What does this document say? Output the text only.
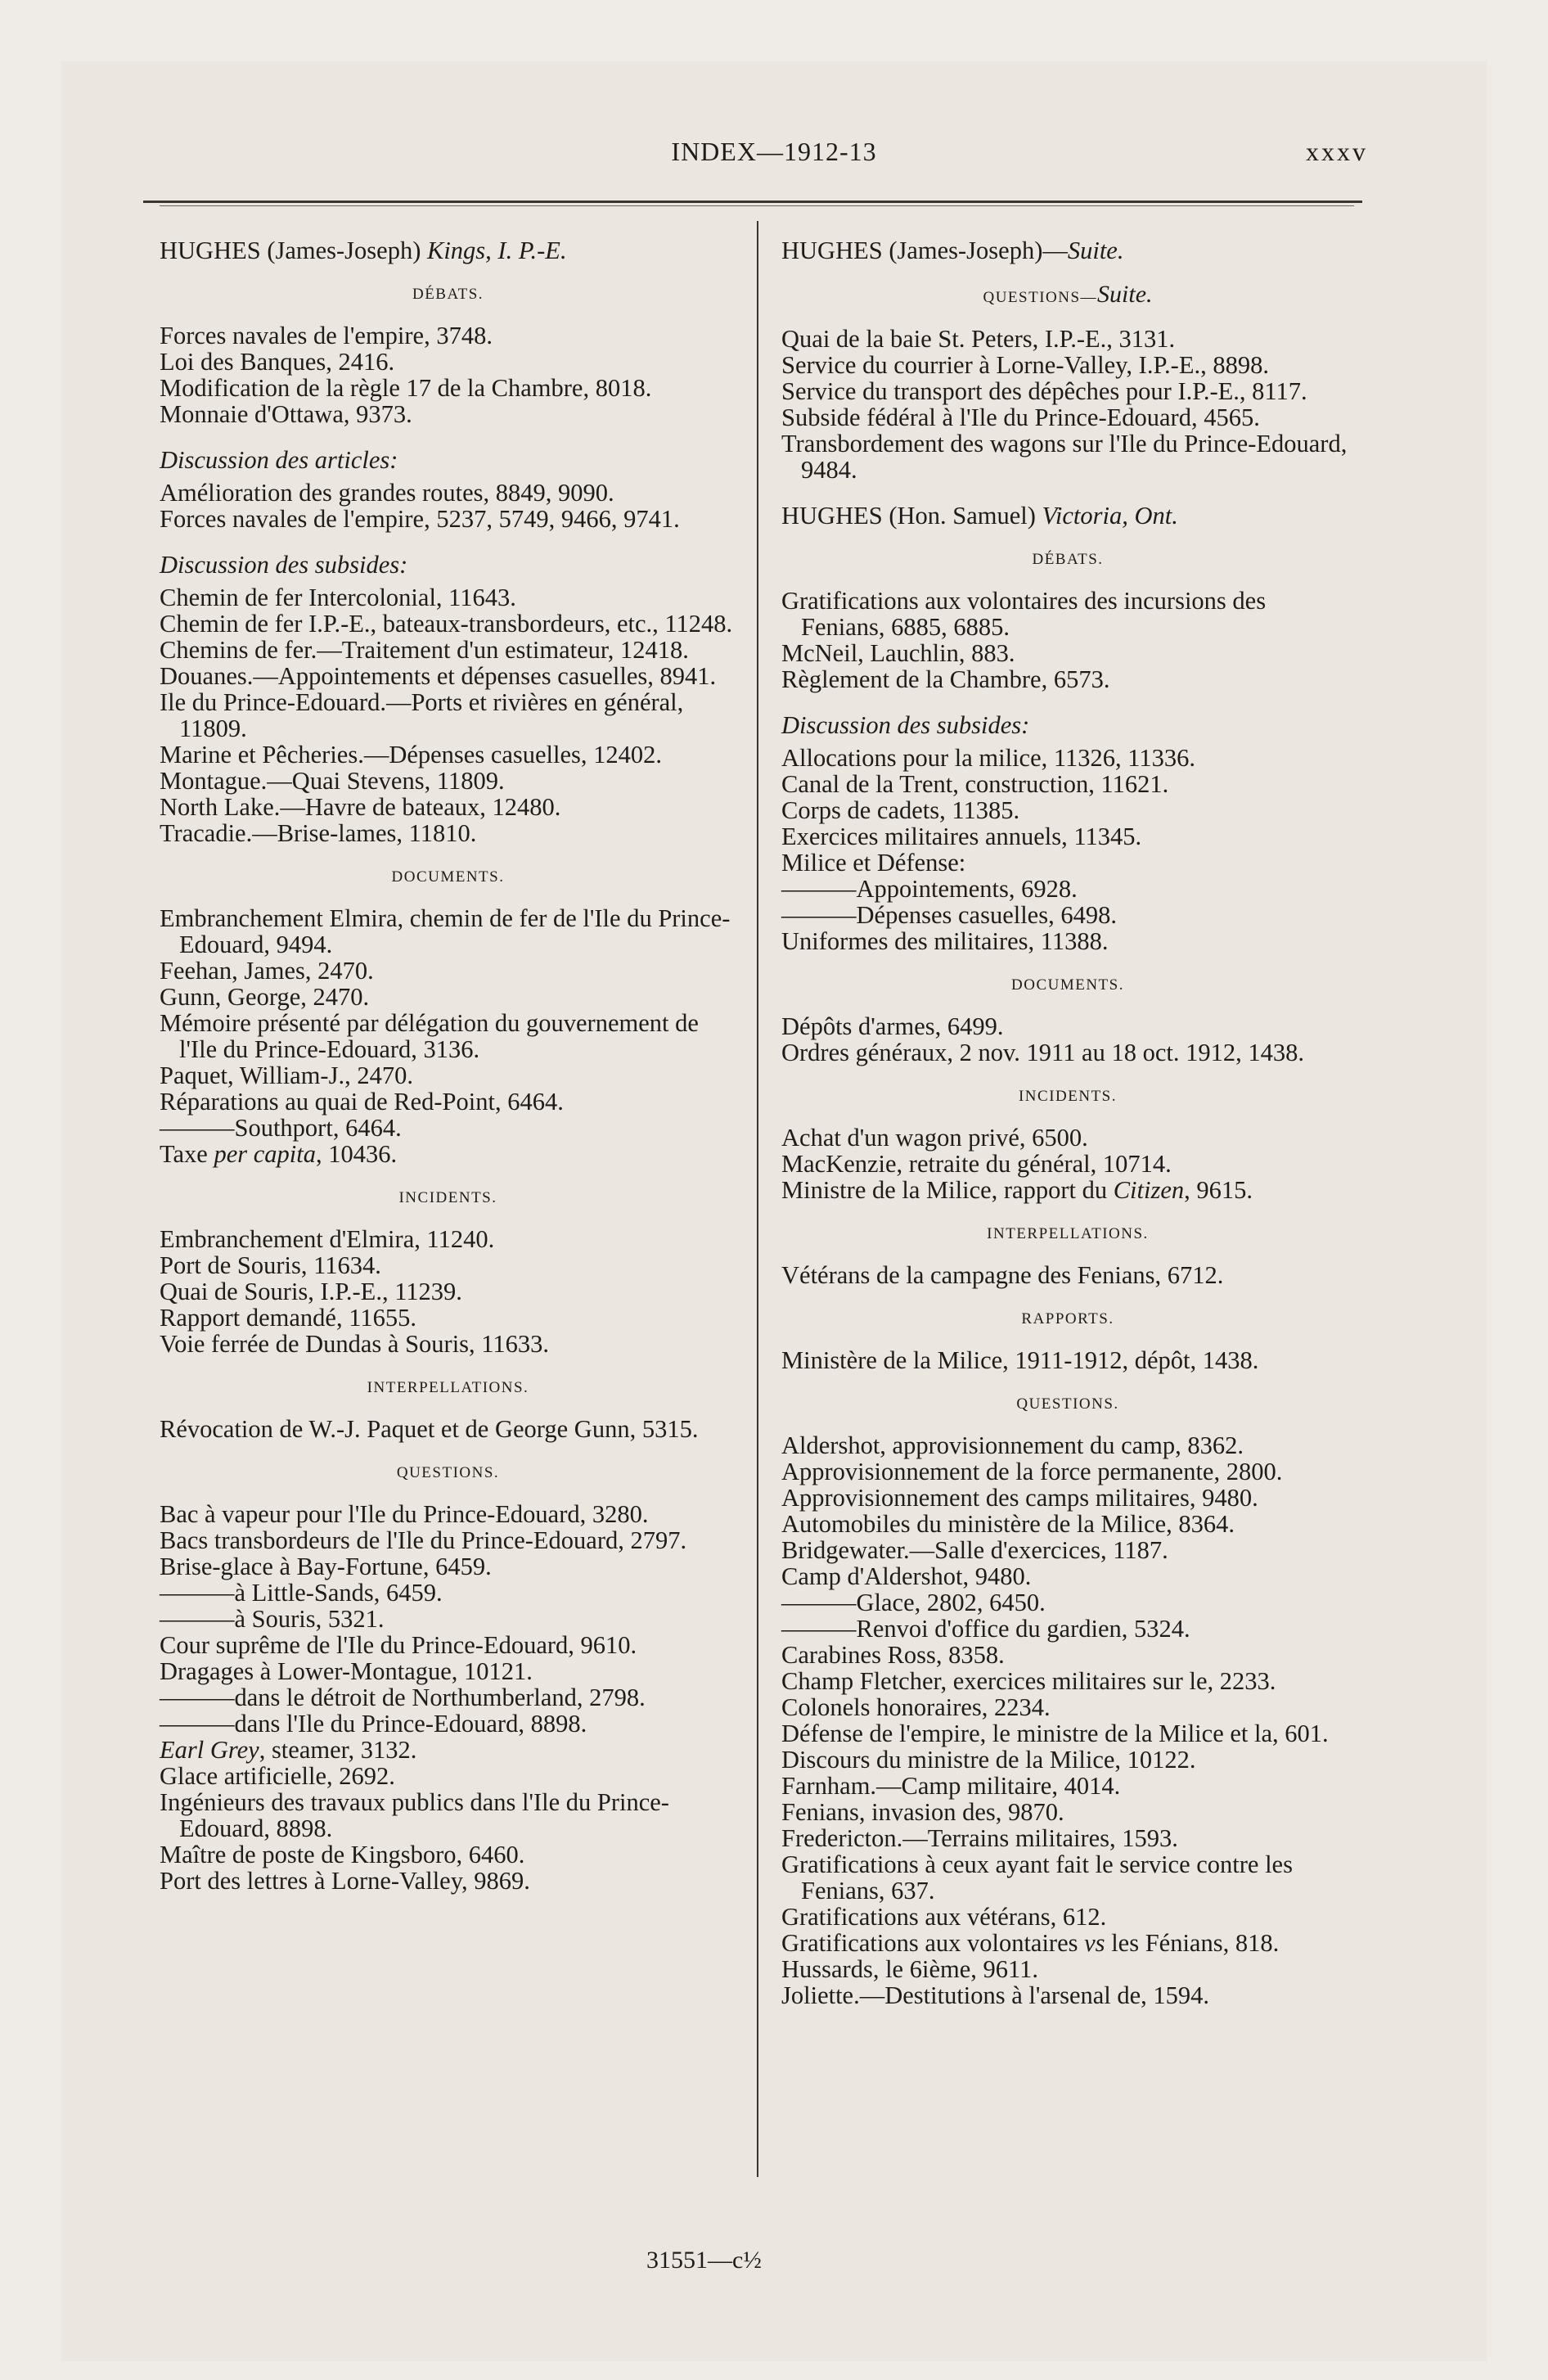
INDEX—1912-13	xxxv

HUGHES (James-Joseph) Kings, I. P.-E.

DÉBATS.

Forces navales de l'empire, 3748.

Loi des Banques, 2416.

Modification de la règle 17 de la Chambre, 8018.

Monnaie d'Ottawa, 9373.

Discussion des articles:

Amélioration des grandes routes, 8849, 9090.

Forces navales de l'empire, 5237, 5749, 9466, 9741.

Discussion des subsides:

Chemin de fer Intercolonial, 11643.

Chemin de fer I.P.-E., bateaux-transbordeurs, etc., 11248.

Chemins de fer.—Traitement d'un estimateur, 12418.

Douanes.—Appointements et dépenses casuelles, 8941.

Ile du Prince-Edouard.—Ports et rivières en général, 11809.

Marine et Pêcheries.—Dépenses casuelles, 12402.

Montague.—Quai Stevens, 11809.

North Lake.—Havre de bateaux, 12480.

Tracadie.—Brise-lames, 11810.

DOCUMENTS.

Embranchement Elmira, chemin de fer de l'Ile du Prince-Edouard, 9494.

Feehan, James, 2470.

Gunn, George, 2470.

Mémoire présenté par délégation du gouvernement de l'Ile du Prince-Edouard, 3136.

Paquet, William-J., 2470.

Réparations au quai de Red-Point, 6464.

———Southport, 6464.

Taxe per capita, 10436.

INCIDENTS.

Embranchement d'Elmira, 11240.

Port de Souris, 11634.

Quai de Souris, I.P.-E., 11239.

Rapport demandé, 11655.

Voie ferrée de Dundas à Souris, 11633.

INTERPELLATIONS.

Révocation de W.-J. Paquet et de George Gunn, 5315.

QUESTIONS.

Bac à vapeur pour l'Ile du Prince-Edouard, 3280.

Bacs transbordeurs de l'Ile du Prince-Edouard, 2797.

Brise-glace à Bay-Fortune, 6459.

———à Little-Sands, 6459.

———à Souris, 5321.

Cour suprême de l'Ile du Prince-Edouard, 9610.

Dragages à Lower-Montague, 10121.

———dans le détroit de Northumberland, 2798.

———dans l'Ile du Prince-Edouard, 8898.

Earl Grey, steamer, 3132.

Glace artificielle, 2692.

Ingénieurs des travaux publics dans l'Ile du Prince-Edouard, 8898.

Maître de poste de Kingsboro, 6460.

Port des lettres à Lorne-Valley, 9869.

HUGHES (James-Joseph)—Suite.

QUESTIONS—Suite.

Quai de la baie St. Peters, I.P.-E., 3131.

Service du courrier à Lorne-Valley, I.P.-E., 8898.

Service du transport des dépêches pour I.P.-E., 8117.

Subside fédéral à l'Ile du Prince-Edouard, 4565.

Transbordement des wagons sur l'Ile du Prince-Edouard, 9484.

HUGHES (Hon. Samuel) Victoria, Ont.

DÉBATS.

Gratifications aux volontaires des incursions des Fenians, 6885, 6885.

McNeil, Lauchlin, 883.

Règlement de la Chambre, 6573.

Discussion des subsides:

Allocations pour la milice, 11326, 11336.

Canal de la Trent, construction, 11621.

Corps de cadets, 11385.

Exercices militaires annuels, 11345.

Milice et Défense:

———Appointements, 6928.

———Dépenses casuelles, 6498.

Uniformes des militaires, 11388.

DOCUMENTS.

Dépôts d'armes, 6499.

Ordres généraux, 2 nov. 1911 au 18 oct. 1912, 1438.

INCIDENTS.

Achat d'un wagon privé, 6500.

MacKenzie, retraite du général, 10714.

Ministre de la Milice, rapport du Citizen, 9615.

INTERPELLATIONS.

Vétérans de la campagne des Fenians, 6712.

RAPPORTS.

Ministère de la Milice, 1911-1912, dépôt, 1438.

QUESTIONS.

Aldershot, approvisionnement du camp, 8362.

Approvisionnement de la force permanente, 2800.

Approvisionnement des camps militaires, 9480.

Automobiles du ministère de la Milice, 8364.

Bridgewater.—Salle d'exercices, 1187.

Camp d'Aldershot, 9480.

———Glace, 2802, 6450.

———Renvoi d'office du gardien, 5324.

Carabines Ross, 8358.

Champ Fletcher, exercices militaires sur le, 2233.

Colonels honoraires, 2234.

Défense de l'empire, le ministre de la Milice et la, 601.

Discours du ministre de la Milice, 10122.

Farnham.—Camp militaire, 4014.

Fenians, invasion des, 9870.

Fredericton.—Terrains militaires, 1593.

Gratifications à ceux ayant fait le service contre les Fenians, 637.

Gratifications aux vétérans, 612.

Gratifications aux volontaires vs les Fénians, 818.

Hussards, le 6ième, 9611.

Joliette.—Destitutions à l'arsenal de, 1594.

31551—c½
